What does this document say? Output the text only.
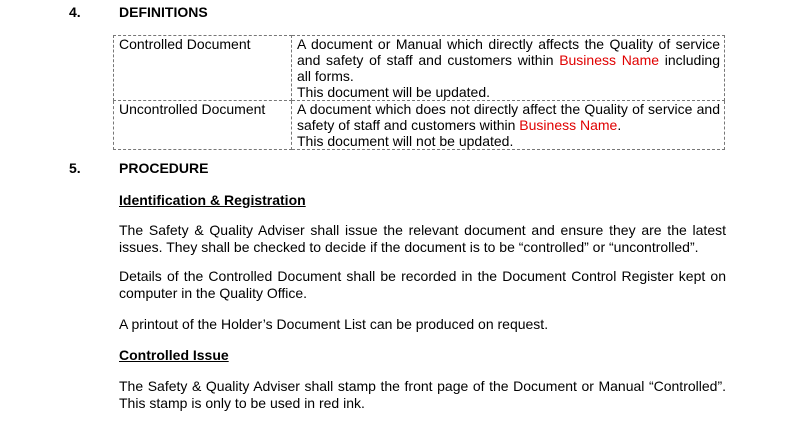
4.	DEFINITIONS
Controlled Document	A document or Manual which directly affects the Quality of service and safety of staff and customers within Business Name including all forms.
This document will be updated.
Uncontrolled Document	A document which does not directly affect the Quality of service and safety of staff and customers within Business Name.
This document will not be updated.
5.	PROCEDURE
Identification & Registration

The Safety & Quality Adviser shall issue the relevant document and ensure they are the latest issues. They shall be checked to decide if the document is to be “controlled” or “uncontrolled”.

Details of the Controlled Document shall be recorded in the Document Control Register kept on computer in the Quality Office.

A printout of the Holder’s Document List can be produced on request.

Controlled Issue

The Safety & Quality Adviser shall stamp the front page of the Document or Manual “Controlled”. This stamp is only to be used in red ink.
